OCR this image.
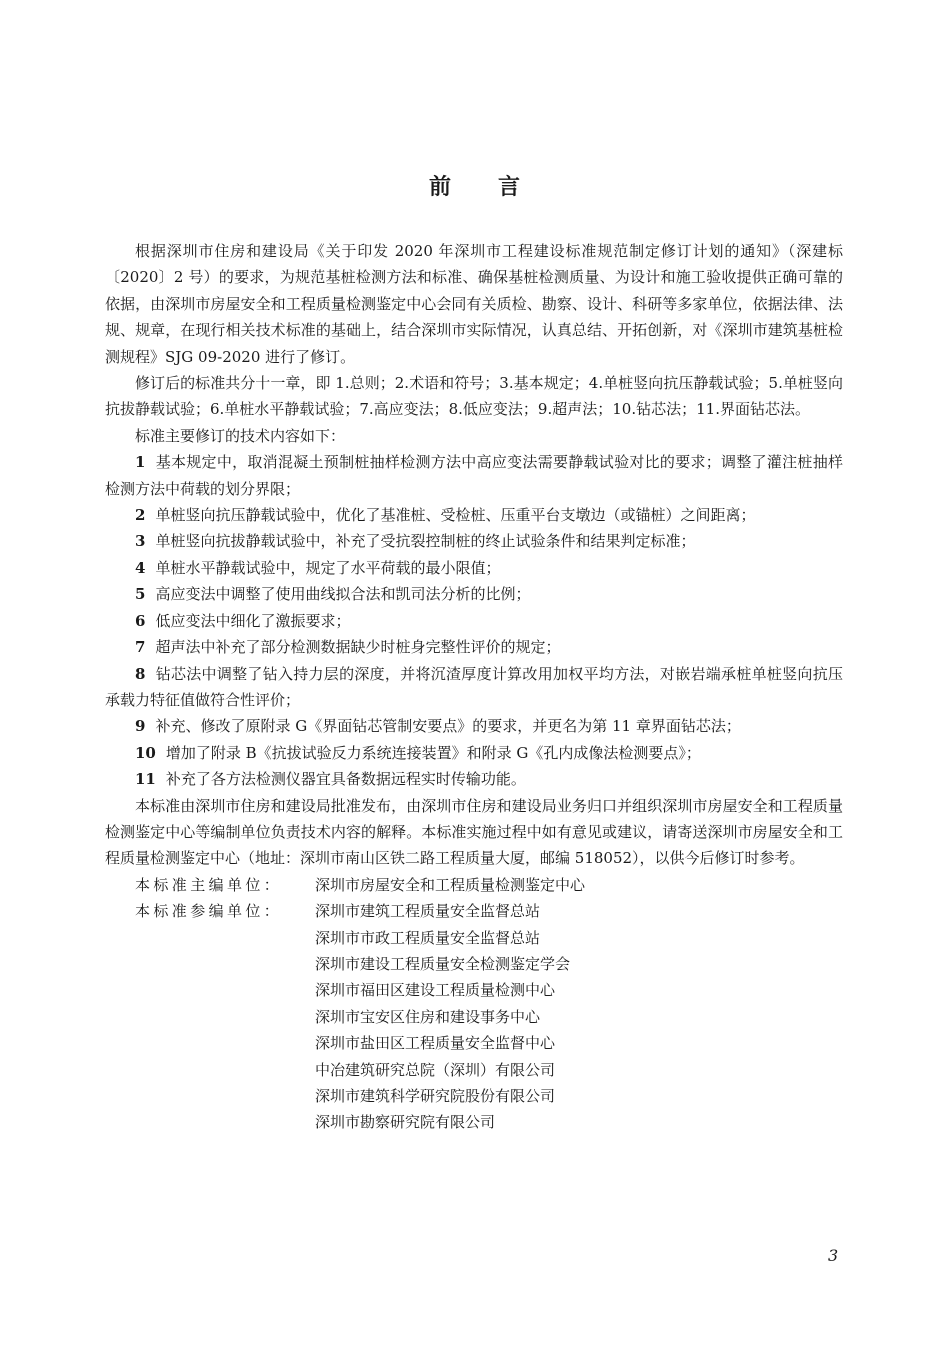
前 言

根据深圳市住房和建设局《关于印发 2020 年深圳市工程建设标准规范制定修订计划的通知》（深建标〔2020〕2 号）的要求，为规范基桩检测方法和标准、确保基桩检测质量、为设计和施工验收提供正确可靠的依据，由深圳市房屋安全和工程质量检测鉴定中心会同有关质检、勘察、设计、科研等多家单位，依据法律、法规、规章，在现行相关技术标准的基础上，结合深圳市实际情况，认真总结、开拓创新，对《深圳市建筑基桩检测规程》SJG 09-2020 进行了修订。

修订后的标准共分十一章，即 1.总则；2.术语和符号；3.基本规定；4.单桩竖向抗压静载试验；5.单桩竖向抗拔静载试验；6.单桩水平静载试验；7.高应变法；8.低应变法；9.超声法；10.钻芯法；11.界面钻芯法。

标准主要修订的技术内容如下：

1 基本规定中，取消混凝土预制桩抽样检测方法中高应变法需要静载试验对比的要求；调整了灌注桩抽样检测方法中荷载的划分界限；

2 单桩竖向抗压静载试验中，优化了基准桩、受检桩、压重平台支墩边（或锚桩）之间距离；

3 单桩竖向抗拔静载试验中，补充了受抗裂控制桩的终止试验条件和结果判定标准；

4 单桩水平静载试验中，规定了水平荷载的最小限值；

5 高应变法中调整了使用曲线拟合法和凯司法分析的比例；

6 低应变法中细化了激振要求；

7 超声法中补充了部分检测数据缺少时桩身完整性评价的规定；

8 钻芯法中调整了钻入持力层的深度，并将沉渣厚度计算改用加权平均方法，对嵌岩端承桩单桩竖向抗压承载力特征值做符合性评价；

9 补充、修改了原附录 G《界面钻芯管制安要点》的要求，并更名为第 11 章界面钻芯法；

10 增加了附录 B《抗拔试验反力系统连接装置》和附录 G《孔内成像法检测要点》；

11 补充了各方法检测仪器宜具备数据远程实时传输功能。

本标准由深圳市住房和建设局批准发布，由深圳市住房和建设局业务归口并组织深圳市房屋安全和工程质量检测鉴定中心等编制单位负责技术内容的解释。本标准实施过程中如有意见或建议，请寄送深圳市房屋安全和工程质量检测鉴定中心（地址：深圳市南山区铁二路工程质量大厦，邮编 518052），以供今后修订时参考。

本标准主编单位：	深圳市房屋安全和工程质量检测鉴定中心
本标准参编单位：	深圳市建筑工程质量安全监督总站
深圳市市政工程质量安全监督总站
深圳市建设工程质量安全检测鉴定学会
深圳市福田区建设工程质量检测中心
深圳市宝安区住房和建设事务中心
深圳市盐田区工程质量安全监督中心
中冶建筑研究总院（深圳）有限公司
深圳市建筑科学研究院股份有限公司
深圳市勘察研究院有限公司
3
